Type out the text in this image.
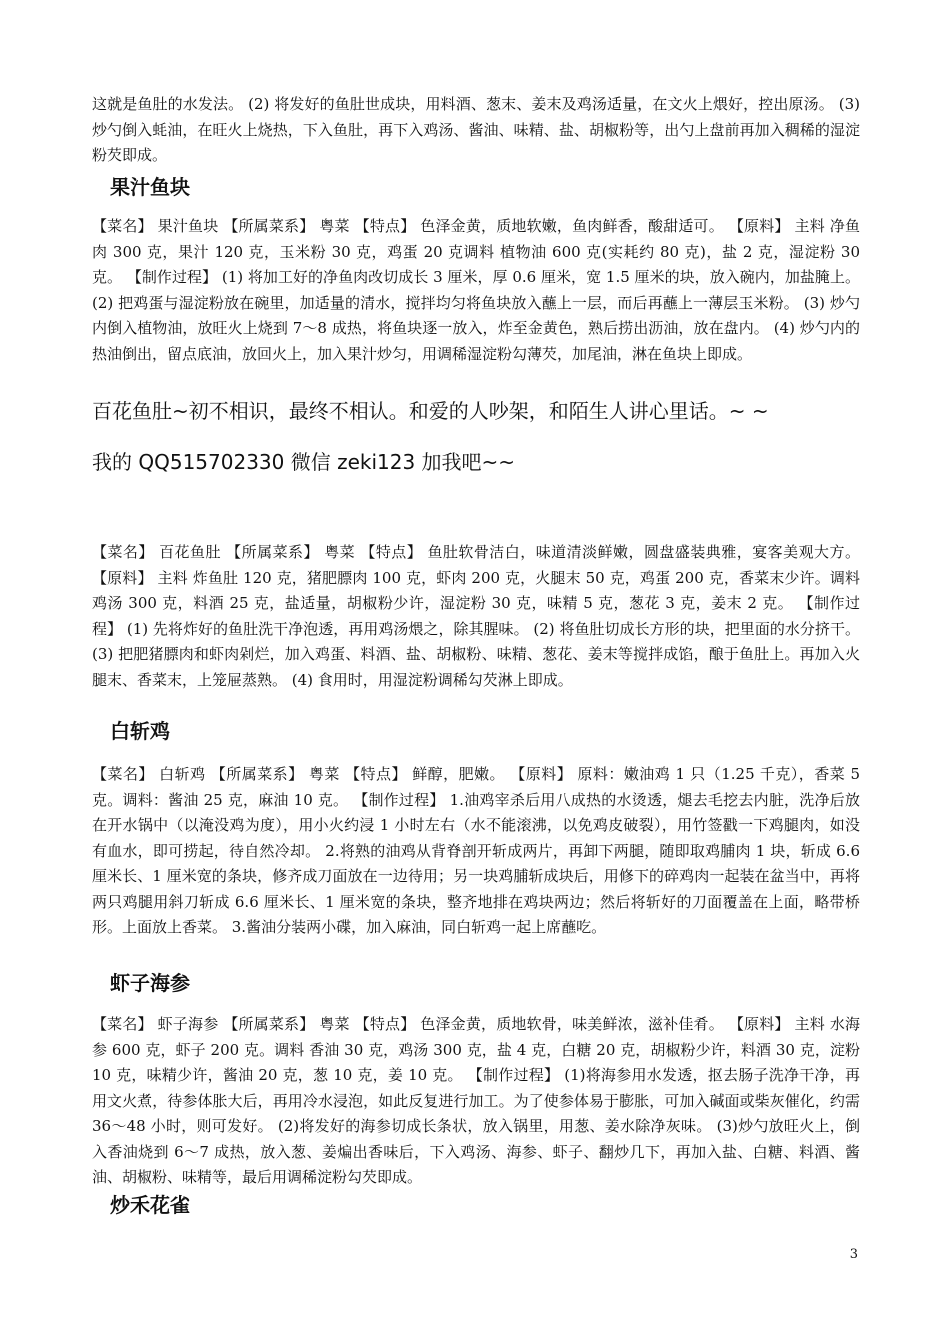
这就是鱼肚的水发法。 (2) 将发好的鱼肚世成块，用料酒、葱末、姜末及鸡汤适量，在文火上煨好，控出原汤。 (3) 炒勺倒入蚝油，在旺火上烧热，下入鱼肚，再下入鸡汤、酱油、味精、盐、胡椒粉等，出勺上盘前再加入稠稀的湿淀粉芡即成。

果汁鱼块

【菜名】 果汁鱼块 【所属菜系】 粤菜 【特点】 色泽金黄，质地软嫩，鱼肉鲜香，酸甜适可。 【原料】 主料 净鱼肉 300 克，果汁 120 克，玉米粉 30 克，鸡蛋 20 克调料 植物油 600 克(实耗约 80 克)，盐 2 克，湿淀粉 30 克。 【制作过程】 (1) 将加工好的净鱼肉改切成长 3 厘米，厚 0.6 厘米，宽 1.5 厘米的块，放入碗内，加盐腌上。 (2) 把鸡蛋与湿淀粉放在碗里，加适量的清水，搅拌均匀将鱼块放入蘸上一层，而后再蘸上一薄层玉米粉。 (3) 炒勺内倒入植物油，放旺火上烧到 7～8 成热，将鱼块逐一放入，炸至金黄色，熟后捞出沥油，放在盘内。 (4) 炒勺内的热油倒出，留点底油，放回火上，加入果汁炒匀，用调稀湿淀粉勾薄芡，加尾油，淋在鱼块上即成。

百花鱼肚~初不相识，最终不相认。和爱的人吵架，和陌生人讲心里话。~ ~

我的 QQ515702330 微信 zeki123 加我吧~~

【菜名】 百花鱼肚 【所属菜系】 粤菜 【特点】 鱼肚软骨洁白，味道清淡鲜嫩，圆盘盛装典雅，宴客美观大方。 【原料】 主料 炸鱼肚 120 克，猪肥膘肉 100 克，虾肉 200 克，火腿末 50 克，鸡蛋 200 克，香菜末少许。调料 鸡汤 300 克，料酒 25 克，盐适量，胡椒粉少许，湿淀粉 30 克，味精 5 克，葱花 3 克，姜末 2 克。 【制作过程】 (1) 先将炸好的鱼肚洗干净泡透，再用鸡汤煨之，除其腥味。 (2) 将鱼肚切成长方形的块，把里面的水分挤干。 (3) 把肥猪膘肉和虾肉剁烂，加入鸡蛋、料酒、盐、胡椒粉、味精、葱花、姜末等搅拌成馅，酿于鱼肚上。再加入火腿末、香菜末，上笼屉蒸熟。 (4) 食用时，用湿淀粉调稀勾芡淋上即成。

白斩鸡

【菜名】 白斩鸡 【所属菜系】 粤菜 【特点】 鲜醇，肥嫩。 【原料】 原料：嫩油鸡 1 只（1.25 千克），香菜 5 克。调料：酱油 25 克，麻油 10 克。 【制作过程】 1.油鸡宰杀后用八成热的水烫透，煺去毛挖去内脏，洗净后放在开水锅中（以淹没鸡为度），用小火约浸 1 小时左右（水不能滚沸，以免鸡皮破裂），用竹签戳一下鸡腿肉，如没有血水，即可捞起，待自然冷却。 2.将熟的油鸡从背脊剖开斩成两片，再卸下两腿，随即取鸡脯肉 1 块，斩成 6.6 厘米长、1 厘米宽的条块，修齐成刀面放在一边待用；另一块鸡脯斩成块后，用修下的碎鸡肉一起装在盆当中，再将两只鸡腿用斜刀斩成 6.6 厘米长、1 厘米宽的条块，整齐地排在鸡块两边；然后将斩好的刀面覆盖在上面，略带桥形。上面放上香菜。 3.酱油分装两小碟，加入麻油，同白斩鸡一起上席蘸吃。

虾子海参

【菜名】 虾子海参 【所属菜系】 粤菜 【特点】 色泽金黄，质地软骨，味美鲜浓，滋补佳肴。 【原料】 主料 水海参 600 克，虾子 200 克。调料 香油 30 克，鸡汤 300 克，盐 4 克，白糖 20 克，胡椒粉少许，料酒 30 克，淀粉 10 克，味精少许，酱油 20 克，葱 10 克，姜 10 克。 【制作过程】 (1)将海参用水发透，抠去肠子洗净干净，再用文火煮，待参体胀大后，再用冷水浸泡，如此反复进行加工。为了使参体易于膨胀，可加入碱面或柴灰催化，约需 36～48 小时，则可发好。 (2)将发好的海参切成长条状，放入锅里，用葱、姜水除净灰味。 (3)炒勺放旺火上，倒入香油烧到 6～7 成热，放入葱、姜煸出香味后，下入鸡汤、海参、虾子、翻炒几下，再加入盐、白糖、料酒、酱油、胡椒粉、味精等，最后用调稀淀粉勾芡即成。

炒禾花雀
3
